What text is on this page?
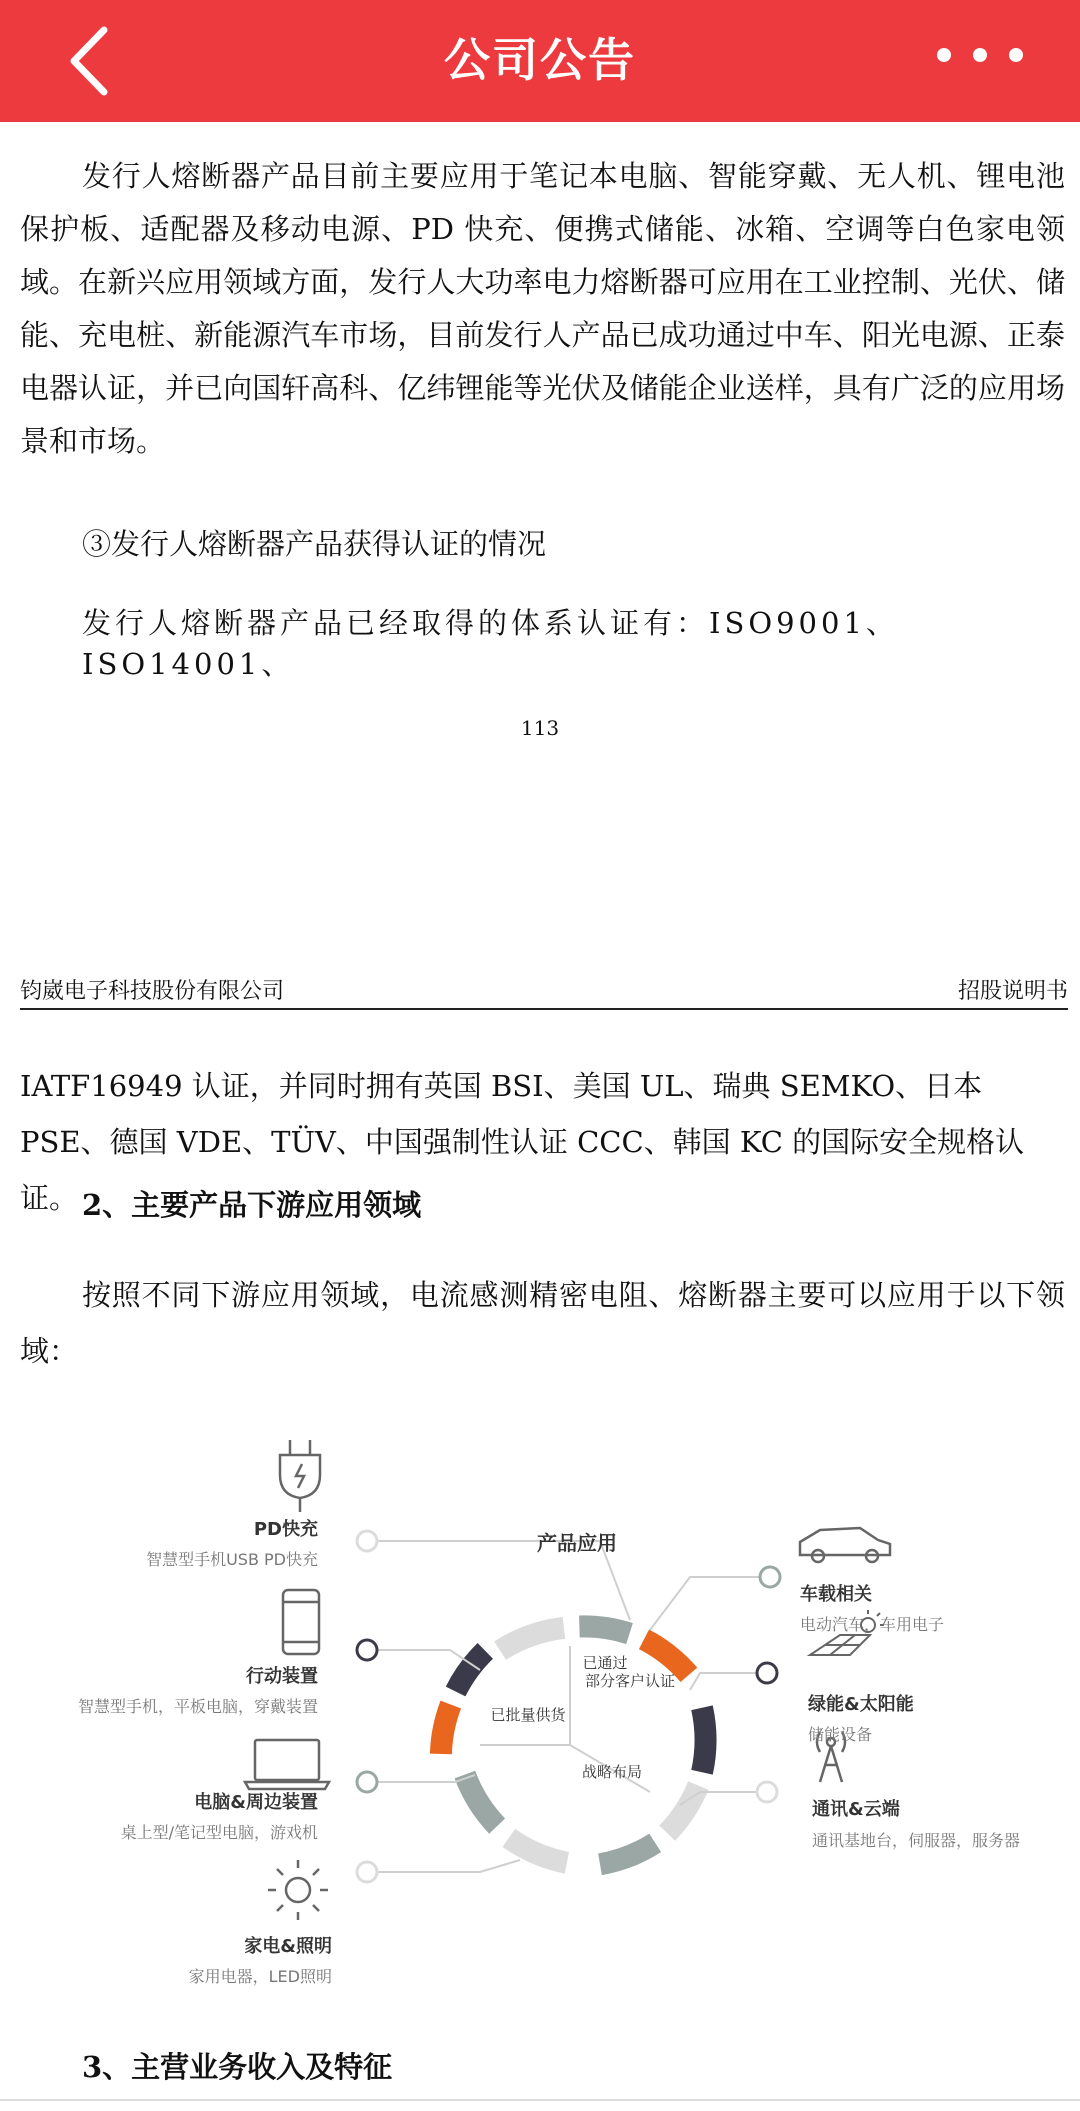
公司公告

发行人熔断器产品目前主要应用于笔记本电脑、智能穿戴、无人机、锂电池保护板、适配器及移动电源、PD 快充、便携式储能、冰箱、空调等白色家电领域。在新兴应用领域方面，发行人大功率电力熔断器可应用在工业控制、光伏、储能、充电桩、新能源汽车市场，目前发行人产品已成功通过中车、阳光电源、正泰电器认证，并已向国轩高科、亿纬锂能等光伏及储能企业送样，具有广泛的应用场景和市场。

③发行人熔断器产品获得认证的情况

发行人熔断器产品已经取得的体系认证有：ISO9001、ISO14001、

113
钧崴电子科技股份有限公司	招股说明书

IATF16949 认证，并同时拥有英国 BSI、美国 UL、瑞典 SEMKO、日本 PSE、德国 VDE、TÜV、中国强制性认证 CCC、韩国 KC 的国际安全规格认证。 2、主要产品下游应用领域

按照不同下游应用领域，电流感测精密电阻、熔断器主要可以应用于以下领域：

产品应用
已批量供货
已通过
部分客户认证
战略布局
PD快充
智慧型手机USB PD快充
行动装置
智慧型手机，平板电脑，穿戴装置
电脑&周边装置
桌上型/笔记型电脑，游戏机
家电&照明
家用电器，LED照明
车载相关
电动汽车，车用电子
绿能&太阳能
储能设备
通讯&云端
通讯基地台，伺服器，服务器

3、主营业务收入及特征
